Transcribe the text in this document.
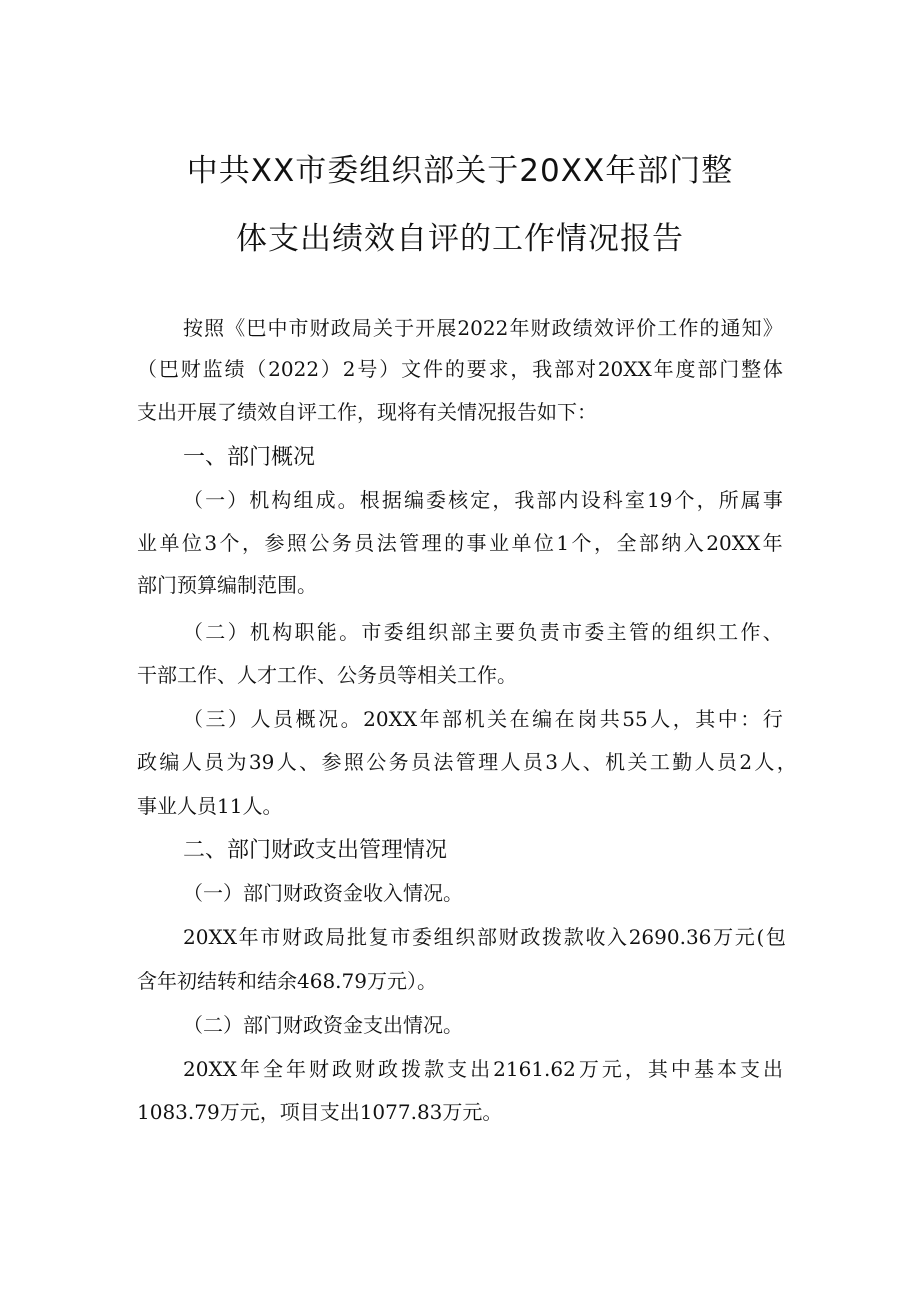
中共XX市委组织部关于20XX年部门整
体支出绩效自评的工作情况报告
按 照 《 巴 中 市 财 政 局 关 于 开 展 2022 年 财 政 绩 效 评 价 工 作 的 通 知 》
（ 巴 财 监 绩 （ 2022 ） 2 号 ） 文 件 的 要 求 ， 我 部 对 20XX 年 度 部 门 整 体
支出开展了绩效自评工作，现将有关情况报告如下：
一、部门概况
（ 一 ） 机 构 组 成 。 根 据 编 委 核 定 ， 我 部 内 设 科 室 19 个 ， 所 属 事
业 单 位 3 个 ， 参 照 公 务 员 法 管 理 的 事 业 单 位 1 个 ， 全 部 纳 入 20XX 年
部门预算编制范围。
（ 二 ） 机 构 职 能 。 市 委 组 织 部 主 要 负 责 市 委 主 管 的 组 织 工 作 、
干部工作、人才工作、公务员等相关工作。
（ 三 ） 人 员 概 况 。 20XX 年 部 机 关 在 编 在 岗 共 55 人 ， 其 中 ： 行
政 编 人 员 为 39 人 、 参 照 公 务 员 法 管 理 人 员 3 人 、 机 关 工 勤 人 员 2 人 ，
事业人员11人。
二、部门财政支出管理情况
（一）部门财政资金收入情况。
20XX 年 市 财 政 局 批 复 市 委 组 织 部 财 政 拨 款 收 入 2690.36 万 元 ( 包
含年初结转和结余468.79万元）。
（二）部门财政资金支出情况。
20XX 年 全 年 财 政 财 政 拨 款 支 出 2161.62 万 元 ， 其 中 基 本 支 出
1083.79万元，项目支出1077.83万元。
